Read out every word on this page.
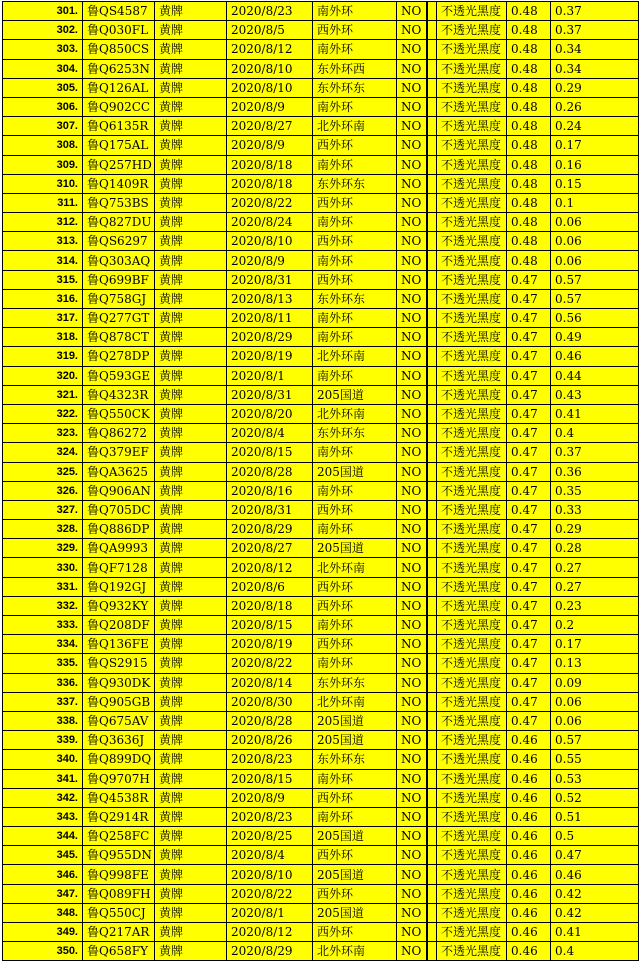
301.	鲁QS4587	黄牌	2020/8/23	南外环	NO		不透光黑度	0.48	0.37
302.	鲁Q030FL	黄牌	2020/8/5	西外环	NO		不透光黑度	0.48	0.37
303.	鲁Q850CS	黄牌	2020/8/12	南外环	NO		不透光黑度	0.48	0.34
304.	鲁Q6253N	黄牌	2020/8/10	东外环西	NO		不透光黑度	0.48	0.34
305.	鲁Q126AL	黄牌	2020/8/10	东外环东	NO		不透光黑度	0.48	0.29
306.	鲁Q902CC	黄牌	2020/8/9	南外环	NO		不透光黑度	0.48	0.26
307.	鲁Q6135R	黄牌	2020/8/27	北外环南	NO		不透光黑度	0.48	0.24
308.	鲁Q175AL	黄牌	2020/8/9	西外环	NO		不透光黑度	0.48	0.17
309.	鲁Q257HD	黄牌	2020/8/18	南外环	NO		不透光黑度	0.48	0.16
310.	鲁Q1409R	黄牌	2020/8/18	东外环东	NO		不透光黑度	0.48	0.15
311.	鲁Q753BS	黄牌	2020/8/22	西外环	NO		不透光黑度	0.48	0.1
312.	鲁Q827DU	黄牌	2020/8/24	南外环	NO		不透光黑度	0.48	0.06
313.	鲁QS6297	黄牌	2020/8/10	西外环	NO		不透光黑度	0.48	0.06
314.	鲁Q303AQ	黄牌	2020/8/9	南外环	NO		不透光黑度	0.48	0.06
315.	鲁Q699BF	黄牌	2020/8/31	西外环	NO		不透光黑度	0.47	0.57
316.	鲁Q758GJ	黄牌	2020/8/13	东外环东	NO		不透光黑度	0.47	0.57
317.	鲁Q277GT	黄牌	2020/8/11	南外环	NO		不透光黑度	0.47	0.56
318.	鲁Q878CT	黄牌	2020/8/29	南外环	NO		不透光黑度	0.47	0.49
319.	鲁Q278DP	黄牌	2020/8/19	北外环南	NO		不透光黑度	0.47	0.46
320.	鲁Q593GE	黄牌	2020/8/1	南外环	NO		不透光黑度	0.47	0.44
321.	鲁Q4323R	黄牌	2020/8/31	205国道	NO		不透光黑度	0.47	0.43
322.	鲁Q550CK	黄牌	2020/8/20	北外环南	NO		不透光黑度	0.47	0.41
323.	鲁Q86272	黄牌	2020/8/4	东外环东	NO		不透光黑度	0.47	0.4
324.	鲁Q379EF	黄牌	2020/8/15	南外环	NO		不透光黑度	0.47	0.37
325.	鲁QA3625	黄牌	2020/8/28	205国道	NO		不透光黑度	0.47	0.36
326.	鲁Q906AN	黄牌	2020/8/16	南外环	NO		不透光黑度	0.47	0.35
327.	鲁Q705DC	黄牌	2020/8/31	西外环	NO		不透光黑度	0.47	0.33
328.	鲁Q886DP	黄牌	2020/8/29	南外环	NO		不透光黑度	0.47	0.29
329.	鲁QA9993	黄牌	2020/8/27	205国道	NO		不透光黑度	0.47	0.28
330.	鲁QF7128	黄牌	2020/8/12	北外环南	NO		不透光黑度	0.47	0.27
331.	鲁Q192GJ	黄牌	2020/8/6	西外环	NO		不透光黑度	0.47	0.27
332.	鲁Q932KY	黄牌	2020/8/18	西外环	NO		不透光黑度	0.47	0.23
333.	鲁Q208DF	黄牌	2020/8/15	南外环	NO		不透光黑度	0.47	0.2
334.	鲁Q136FE	黄牌	2020/8/19	西外环	NO		不透光黑度	0.47	0.17
335.	鲁QS2915	黄牌	2020/8/22	南外环	NO		不透光黑度	0.47	0.13
336.	鲁Q930DK	黄牌	2020/8/14	东外环东	NO		不透光黑度	0.47	0.09
337.	鲁Q905GB	黄牌	2020/8/30	北外环南	NO		不透光黑度	0.47	0.06
338.	鲁Q675AV	黄牌	2020/8/28	205国道	NO		不透光黑度	0.47	0.06
339.	鲁Q3636J	黄牌	2020/8/26	205国道	NO		不透光黑度	0.46	0.57
340.	鲁Q899DQ	黄牌	2020/8/23	东外环东	NO		不透光黑度	0.46	0.55
341.	鲁Q9707H	黄牌	2020/8/15	南外环	NO		不透光黑度	0.46	0.53
342.	鲁Q4538R	黄牌	2020/8/9	西外环	NO		不透光黑度	0.46	0.52
343.	鲁Q2914R	黄牌	2020/8/23	南外环	NO		不透光黑度	0.46	0.51
344.	鲁Q258FC	黄牌	2020/8/25	205国道	NO		不透光黑度	0.46	0.5
345.	鲁Q955DN	黄牌	2020/8/4	西外环	NO		不透光黑度	0.46	0.47
346.	鲁Q998FE	黄牌	2020/8/10	205国道	NO		不透光黑度	0.46	0.46
347.	鲁Q089FH	黄牌	2020/8/22	西外环	NO		不透光黑度	0.46	0.42
348.	鲁Q550CJ	黄牌	2020/8/1	205国道	NO		不透光黑度	0.46	0.42
349.	鲁Q217AR	黄牌	2020/8/12	西外环	NO		不透光黑度	0.46	0.41
350.	鲁Q658FY	黄牌	2020/8/29	北外环南	NO		不透光黑度	0.46	0.4
